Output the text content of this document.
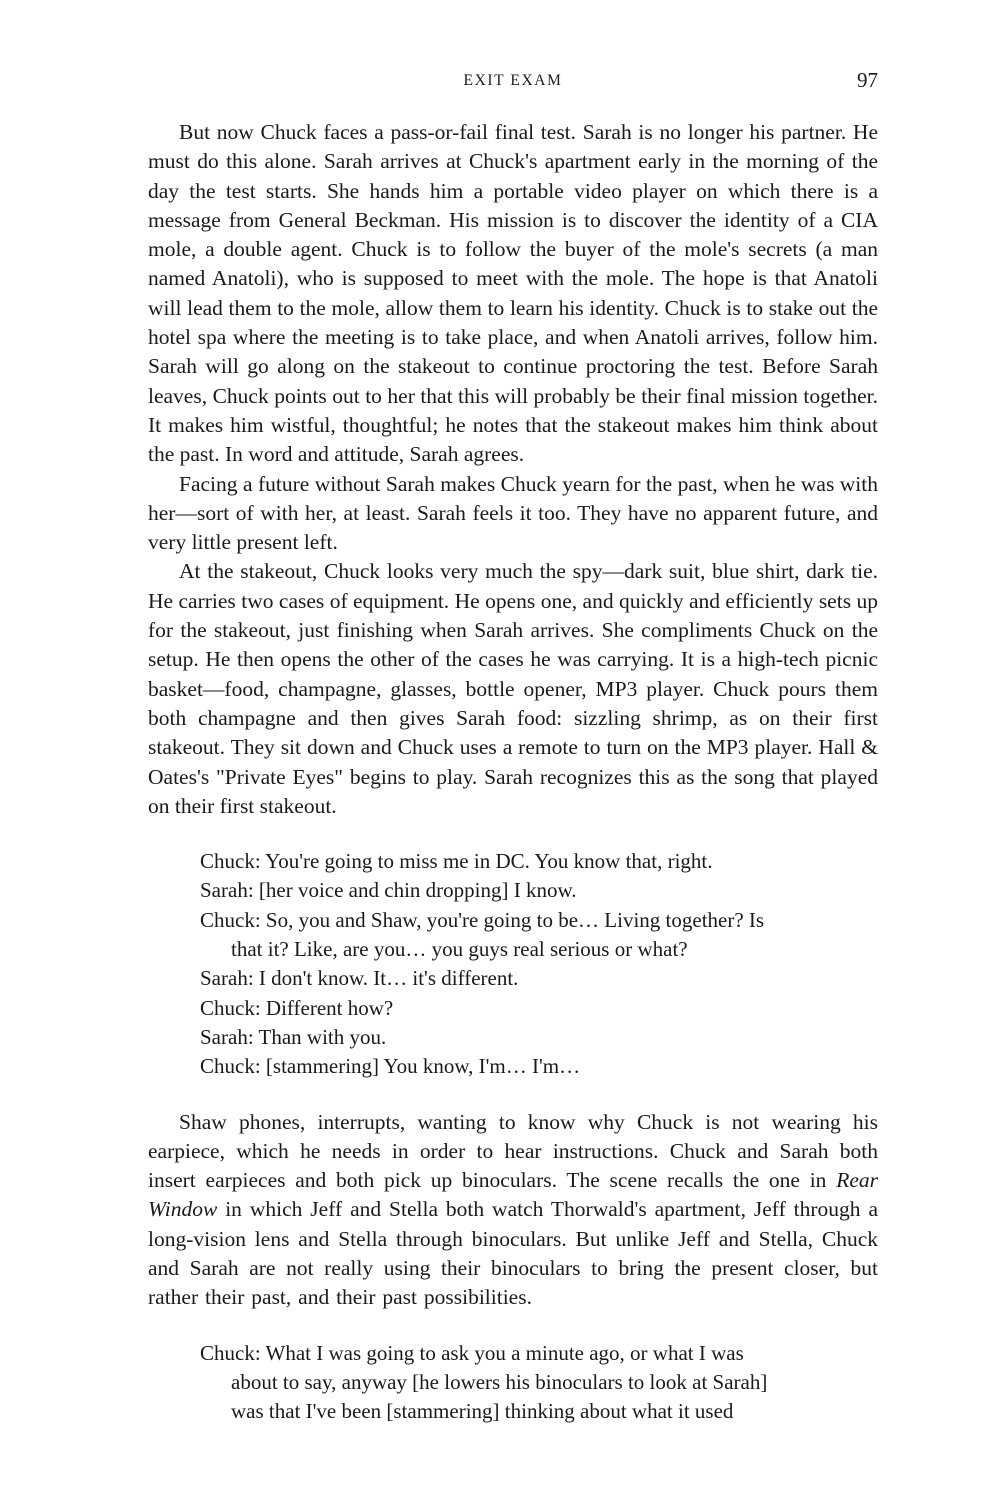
EXIT EXAM	97

But now Chuck faces a pass-or-fail final test. Sarah is no longer his partner. He must do this alone. Sarah arrives at Chuck's apartment early in the morning of the day the test starts. She hands him a portable video player on which there is a message from General Beckman. His mission is to discover the identity of a CIA mole, a double agent. Chuck is to follow the buyer of the mole's secrets (a man named Anatoli), who is supposed to meet with the mole. The hope is that Anatoli will lead them to the mole, allow them to learn his identity. Chuck is to stake out the hotel spa where the meeting is to take place, and when Anatoli arrives, follow him. Sarah will go along on the stakeout to continue proctoring the test. Before Sarah leaves, Chuck points out to her that this will probably be their final mission together. It makes him wistful, thoughtful; he notes that the stakeout makes him think about the past. In word and attitude, Sarah agrees.

Facing a future without Sarah makes Chuck yearn for the past, when he was with her—sort of with her, at least. Sarah feels it too. They have no apparent future, and very little present left.

At the stakeout, Chuck looks very much the spy—dark suit, blue shirt, dark tie. He carries two cases of equipment. He opens one, and quickly and efficiently sets up for the stakeout, just finishing when Sarah arrives. She compliments Chuck on the setup. He then opens the other of the cases he was carrying. It is a high-tech picnic basket—food, champagne, glasses, bottle opener, MP3 player. Chuck pours them both champagne and then gives Sarah food: sizzling shrimp, as on their first stakeout. They sit down and Chuck uses a remote to turn on the MP3 player. Hall & Oates's "Private Eyes" begins to play. Sarah recognizes this as the song that played on their first stakeout.

Chuck: You're going to miss me in DC. You know that, right.
Sarah: [her voice and chin dropping] I know.
Chuck: So, you and Shaw, you're going to be… Living together? Is
that it? Like, are you… you guys real serious or what?
Sarah: I don't know. It… it's different.
Chuck: Different how?
Sarah: Than with you.
Chuck: [stammering] You know, I'm… I'm…

Shaw phones, interrupts, wanting to know why Chuck is not wearing his earpiece, which he needs in order to hear instructions. Chuck and Sarah both insert earpieces and both pick up binoculars. The scene recalls the one in Rear Window in which Jeff and Stella both watch Thorwald's apartment, Jeff through a long-vision lens and Stella through binoculars. But unlike Jeff and Stella, Chuck and Sarah are not really using their binoculars to bring the present closer, but rather their past, and their past possibilities.

Chuck: What I was going to ask you a minute ago, or what I was
about to say, anyway [he lowers his binoculars to look at Sarah]
was that I've been [stammering] thinking about what it used
